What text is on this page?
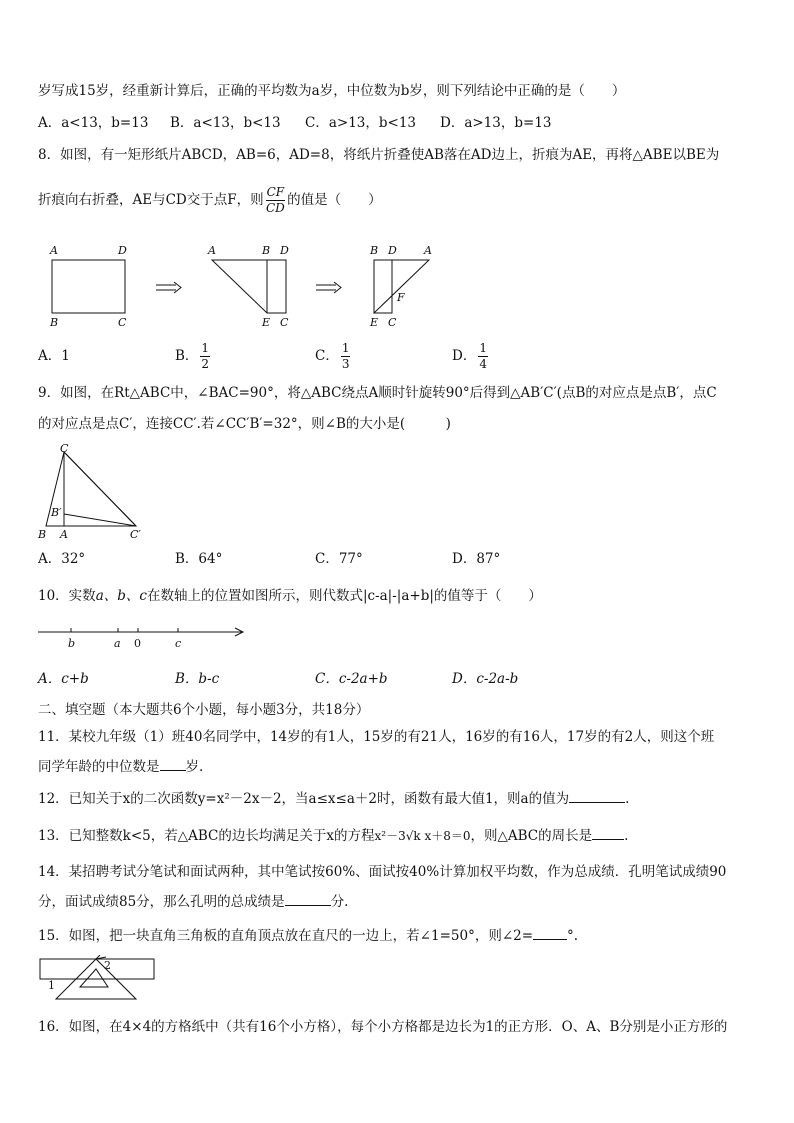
岁写成15岁，经重新计算后，正确的平均数为a岁，中位数为b岁，则下列结论中正确的是（　　）
A．a<13，b=13 B．a<13，b<13 C．a>13，b<13 D．a>13，b=13
8．如图，有一矩形纸片ABCD，AB=6，AD=8，将纸片折叠使AB落在AD边上，折痕为AE，再将△ABE以BE为
折痕向右折叠，AE与CD交于点F，则 $\frac{CF}{CD}$ 的值是（　　）
A	D
B	C
A	B D
E C
B D A
F
E C
A．1	B． $\frac{1}{2}$	C． $\frac{1}{3}$	D． $\frac{1}{4}$
9．如图，在Rt△ABC中，∠BAC=90°，将△ABC绕点A顺时针旋转90°后得到△AB′C′(点B的对应点是点B′，点C
的对应点是点C′，连接CC′.若∠CC′B′=32°，则∠B的大小是(　　　)
C
B′
B A	C′
A．32°	B．64°	C．77°	D．87°
10．实数a、b、c在数轴上的位置如图所示，则代数式|c-a|-|a+b|的值等于（　　）
b	a 0	c
A．c+b	B．b-c	C．c-2a+b	D．c-2a-b
二、填空题（本大题共6个小题，每小题3分，共18分）
11．某校九年级（1）班40名同学中，14岁的有1人，15岁的有21人，16岁的有16人，17岁的有2人，则这个班
同学年龄的中位数是 岁.
12．已知关于x的二次函数y=x²－2x－2，当a≤x≤a＋2时，函数有最大值1，则a的值为	.
13．已知整数k<5，若△ABC的边长均满足关于x的方程x²－3√k x＋8＝0，则△ABC的周长是 .
14．某招聘考试分笔试和面试两种，其中笔试按60%、面试按40%计算加权平均数，作为总成绩．孔明笔试成绩90
分，面试成绩85分，那么孔明的总成绩是	分.
15．如图，把一块直角三角板的直角顶点放在直尺的一边上，若∠1=50°，则∠2=	°.
1
2
16．如图，在4×4的方格纸中（共有16个小方格），每个小方格都是边长为1的正方形．O、A、B分别是小正方形的
